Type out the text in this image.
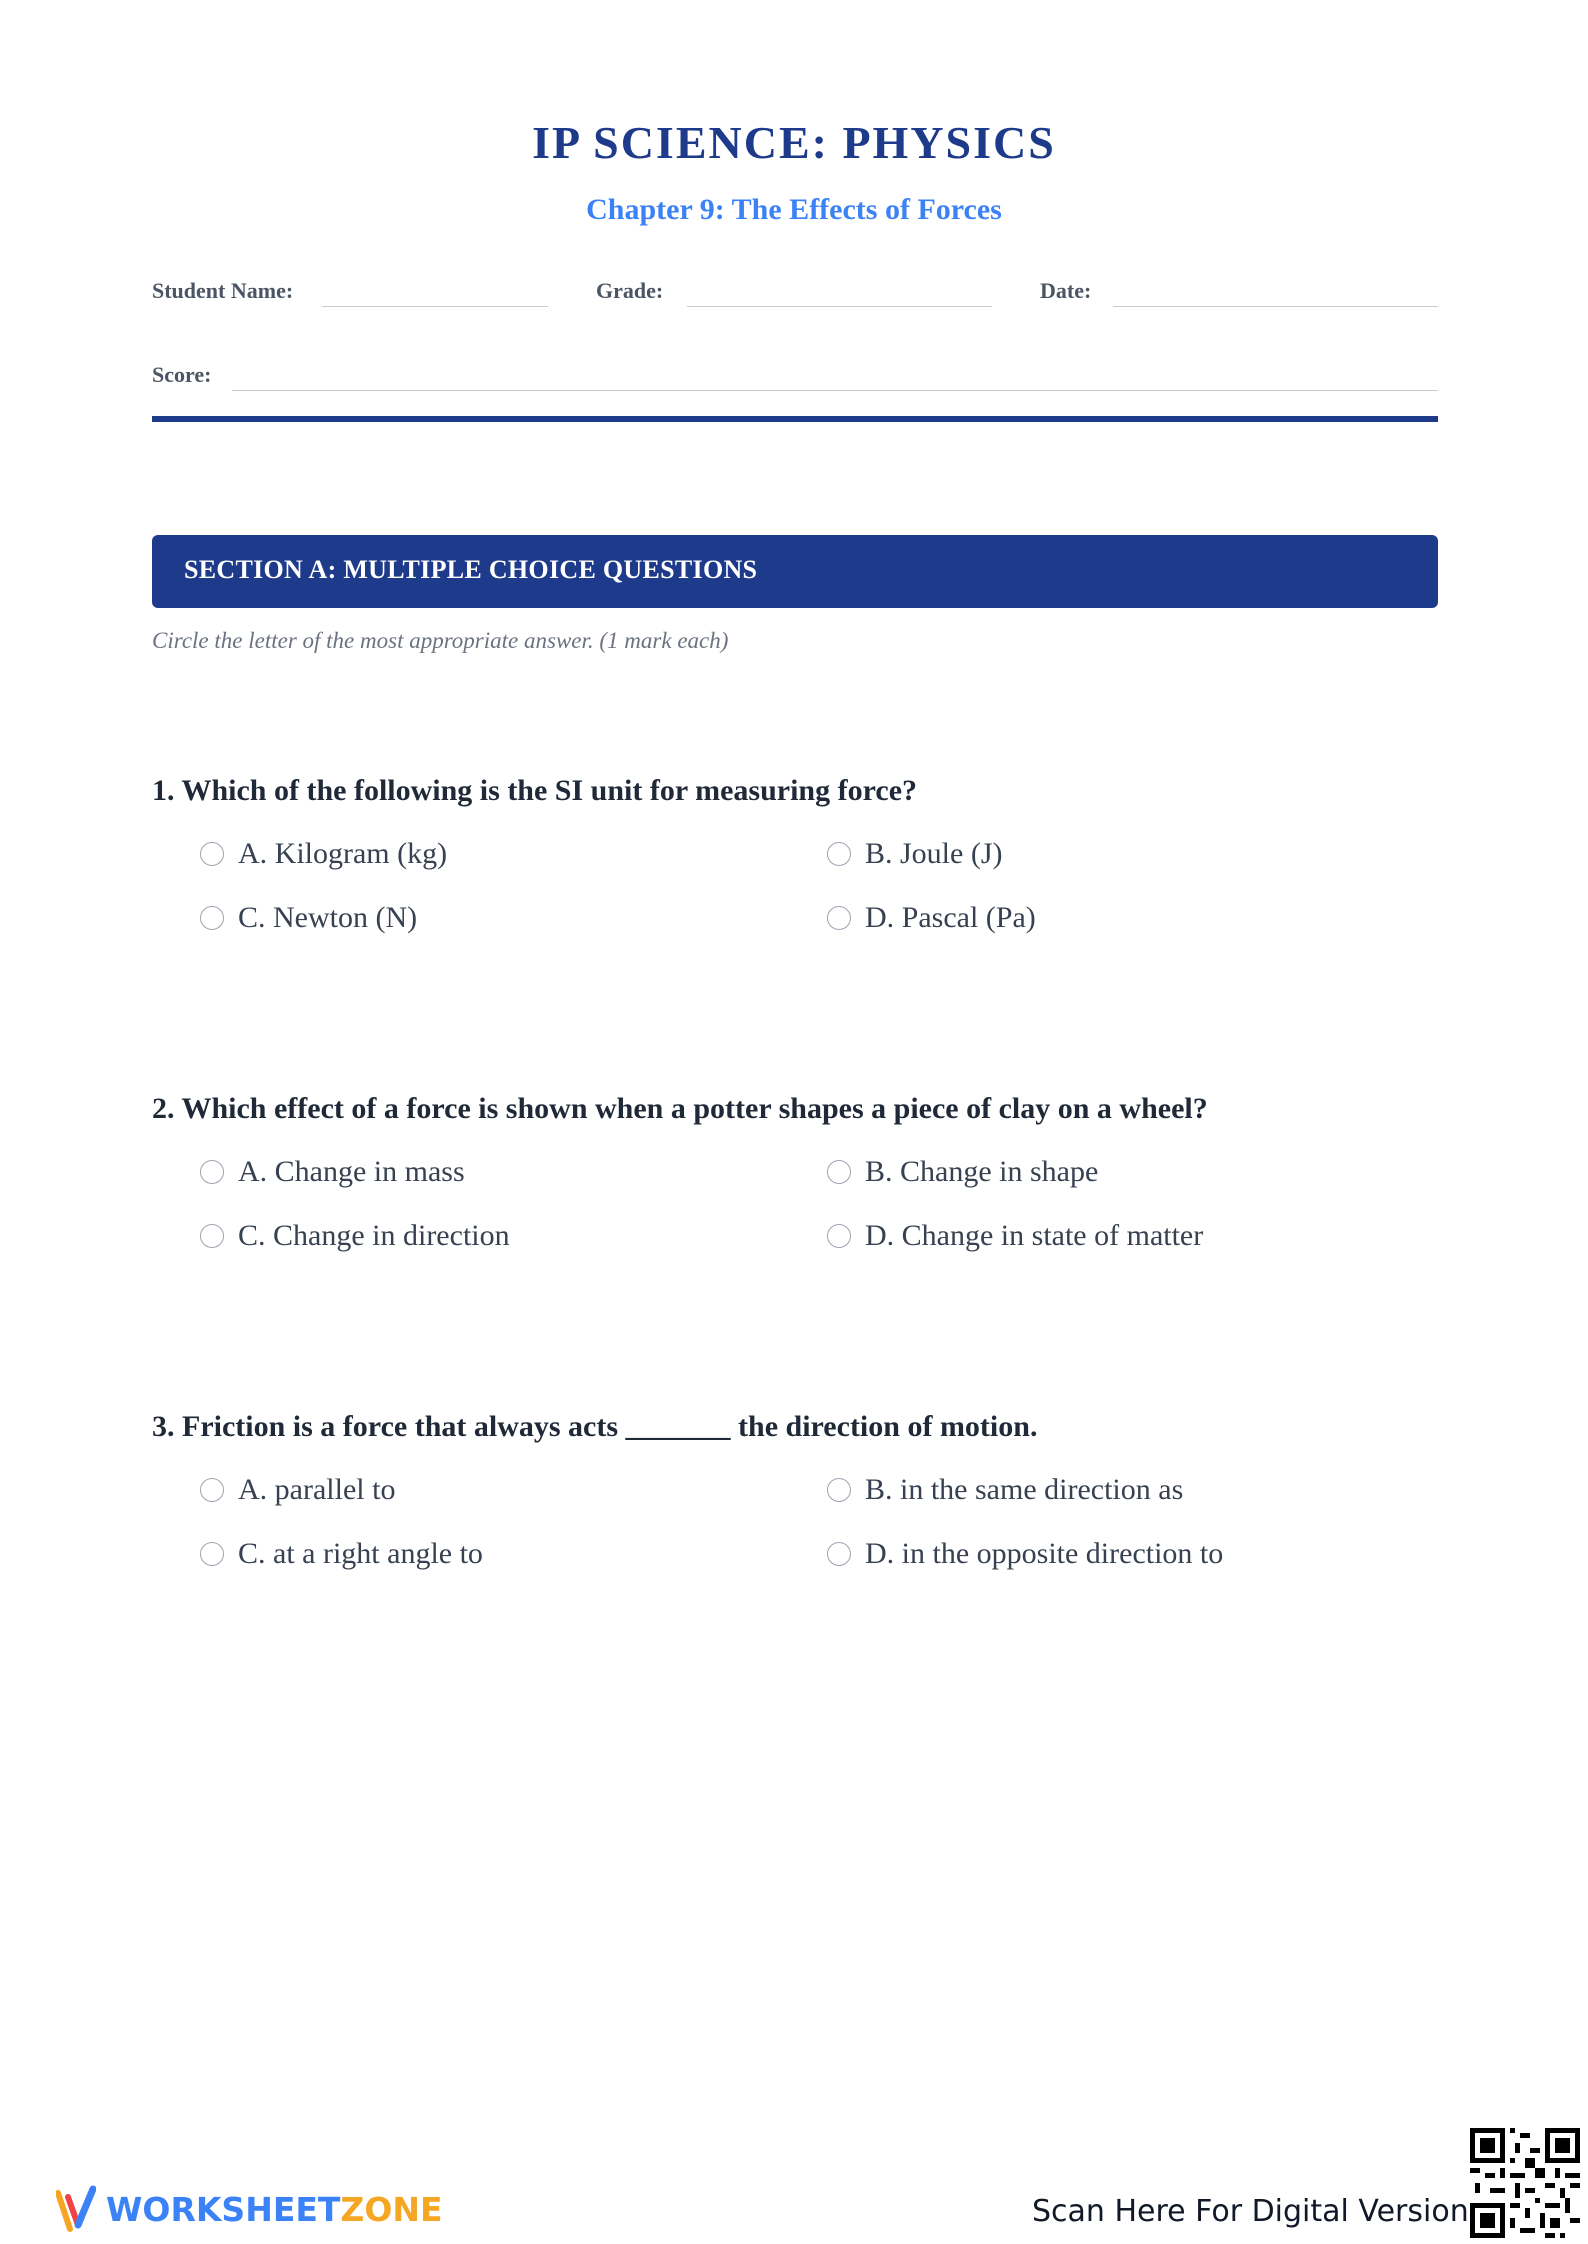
IP SCIENCE: PHYSICS
Chapter 9: The Effects of Forces
Student Name:	Grade:	Date:
Score:
SECTION A: MULTIPLE CHOICE QUESTIONS
Circle the letter of the most appropriate answer. (1 mark each)
1. Which of the following is the SI unit for measuring force?
A. Kilogram (kg)	B. Joule (J)
C. Newton (N)	D. Pascal (Pa)
2. Which effect of a force is shown when a potter shapes a piece of clay on a wheel?
A. Change in mass	B. Change in shape
C. Change in direction	D. Change in state of matter
3. Friction is a force that always acts _______ the direction of motion.
A. parallel to	B. in the same direction as
C. at a right angle to	D. in the opposite direction to
WORKSHEETZONE	Scan Here For Digital Version
